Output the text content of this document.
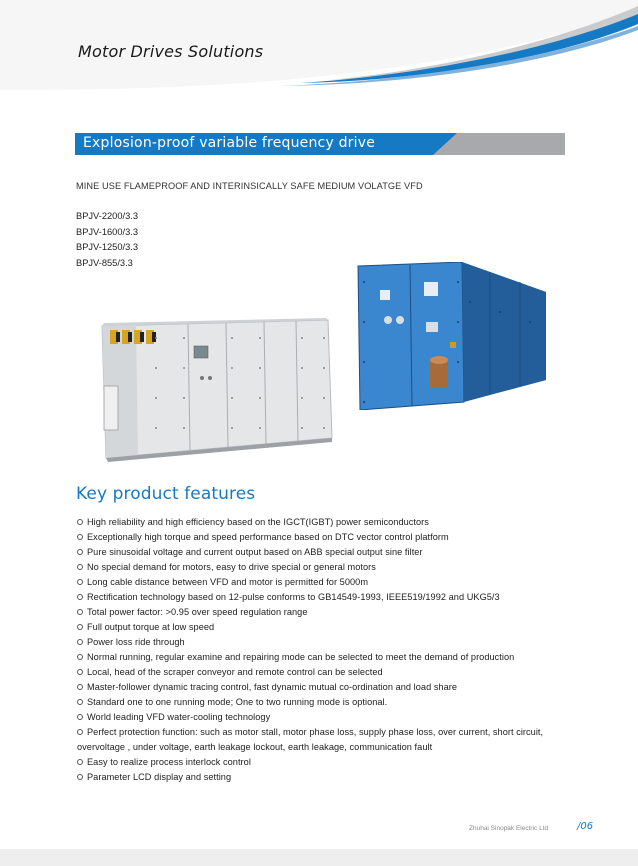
Motor Drives Solutions
Explosion-proof variable frequency drive
MINE USE FLAMEPROOF AND INTERINSICALLY SAFE MEDIUM VOLATGE VFD
BPJV-2200/3.3
BPJV-1600/3.3
BPJV-1250/3.3
BPJV-855/3.3
Key product features
High reliability and high efficiency based on the IGCT(IGBT) power semiconductors
Exceptionally high torque and speed performance based on DTC vector control platform
Pure sinusoidal voltage and current output based on ABB special output sine filter
No special demand for motors, easy to drive special or general motors
Long cable distance between VFD and motor is permitted for 5000m
Rectification technology based on 12-pulse conforms to GB14549-1993, IEEE519/1992 and UKG5/3
Total power factor: >0.95 over speed regulation range
Full output torque at low speed
Power loss ride through
Normal running, regular examine and repairing mode can be selected to meet the demand of production
Local, head of the scraper conveyor and remote control can be selected
Master-follower dynamic tracing control, fast dynamic mutual co-ordination and load share
Standard one to one running mode; One to two running mode is optional.
World leading VFD water-cooling technology
Perfect protection function: such as motor stall, motor phase loss, supply phase loss, over current, short circuit, overvoltage , under voltage, earth leakage lockout, earth leakage, communication fault
Easy to realize process interlock control
Parameter LCD display and setting
Zhuhai Sinopak Electric Ltd	/06
